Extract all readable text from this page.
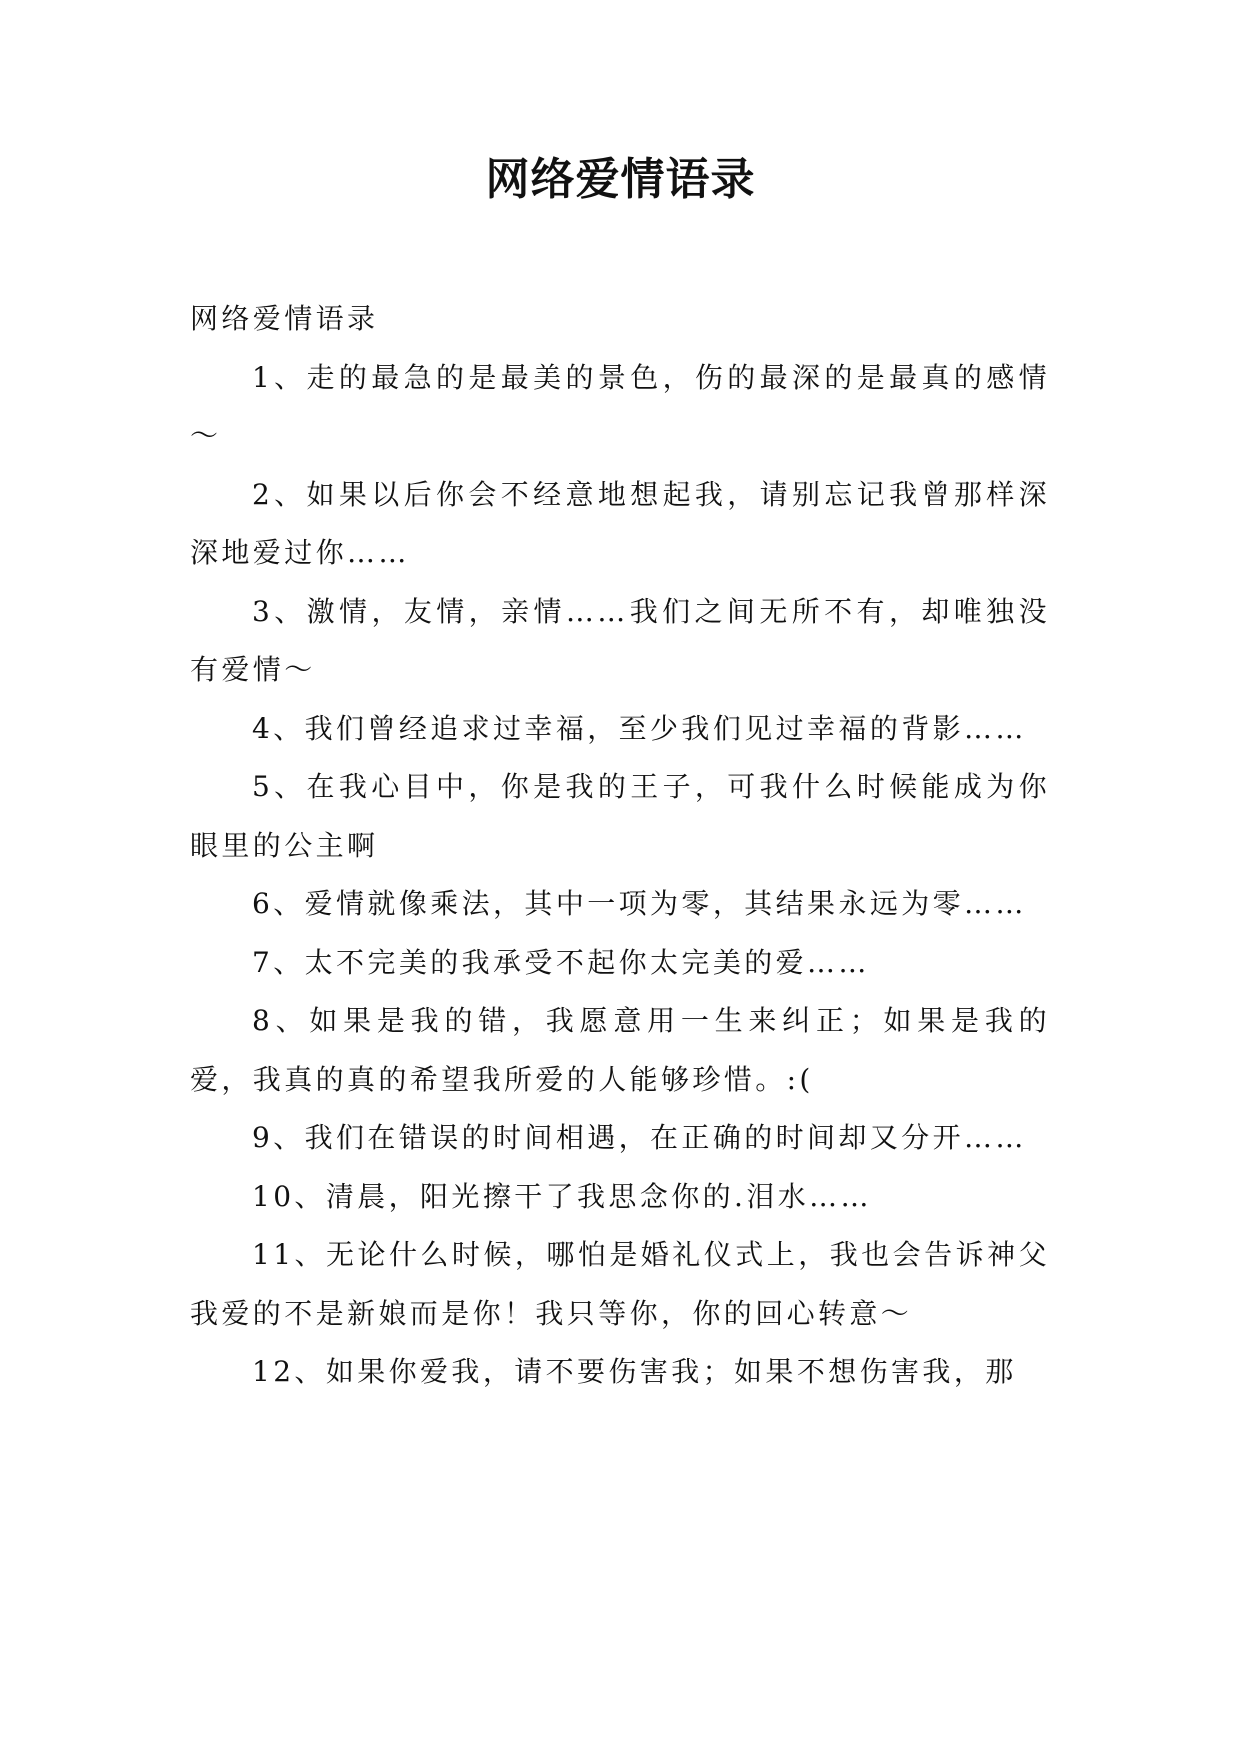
网络爱情语录

网络爱情语录

1、走的最急的是最美的景色，伤的最深的是最真的感情～

2、如果以后你会不经意地想起我，请别忘记我曾那样深深地爱过你……

3、激情，友情，亲情……我们之间无所不有，却唯独没有爱情～

4、我们曾经追求过幸福，至少我们见过幸福的背影……

5、在我心目中，你是我的王子，可我什么时候能成为你眼里的公主啊

6、爱情就像乘法，其中一项为零，其结果永远为零……

7、太不完美的我承受不起你太完美的爱……

8、如果是我的错，我愿意用一生来纠正；如果是我的爱，我真的真的希望我所爱的人能够珍惜。:(

9、我们在错误的时间相遇，在正确的时间却又分开……

10、清晨，阳光擦干了我思念你的.泪水……

11、无论什么时候，哪怕是婚礼仪式上，我也会告诉神父我爱的不是新娘而是你！我只等你，你的回心转意～

12、如果你爱我，请不要伤害我；如果不想伤害我，那
